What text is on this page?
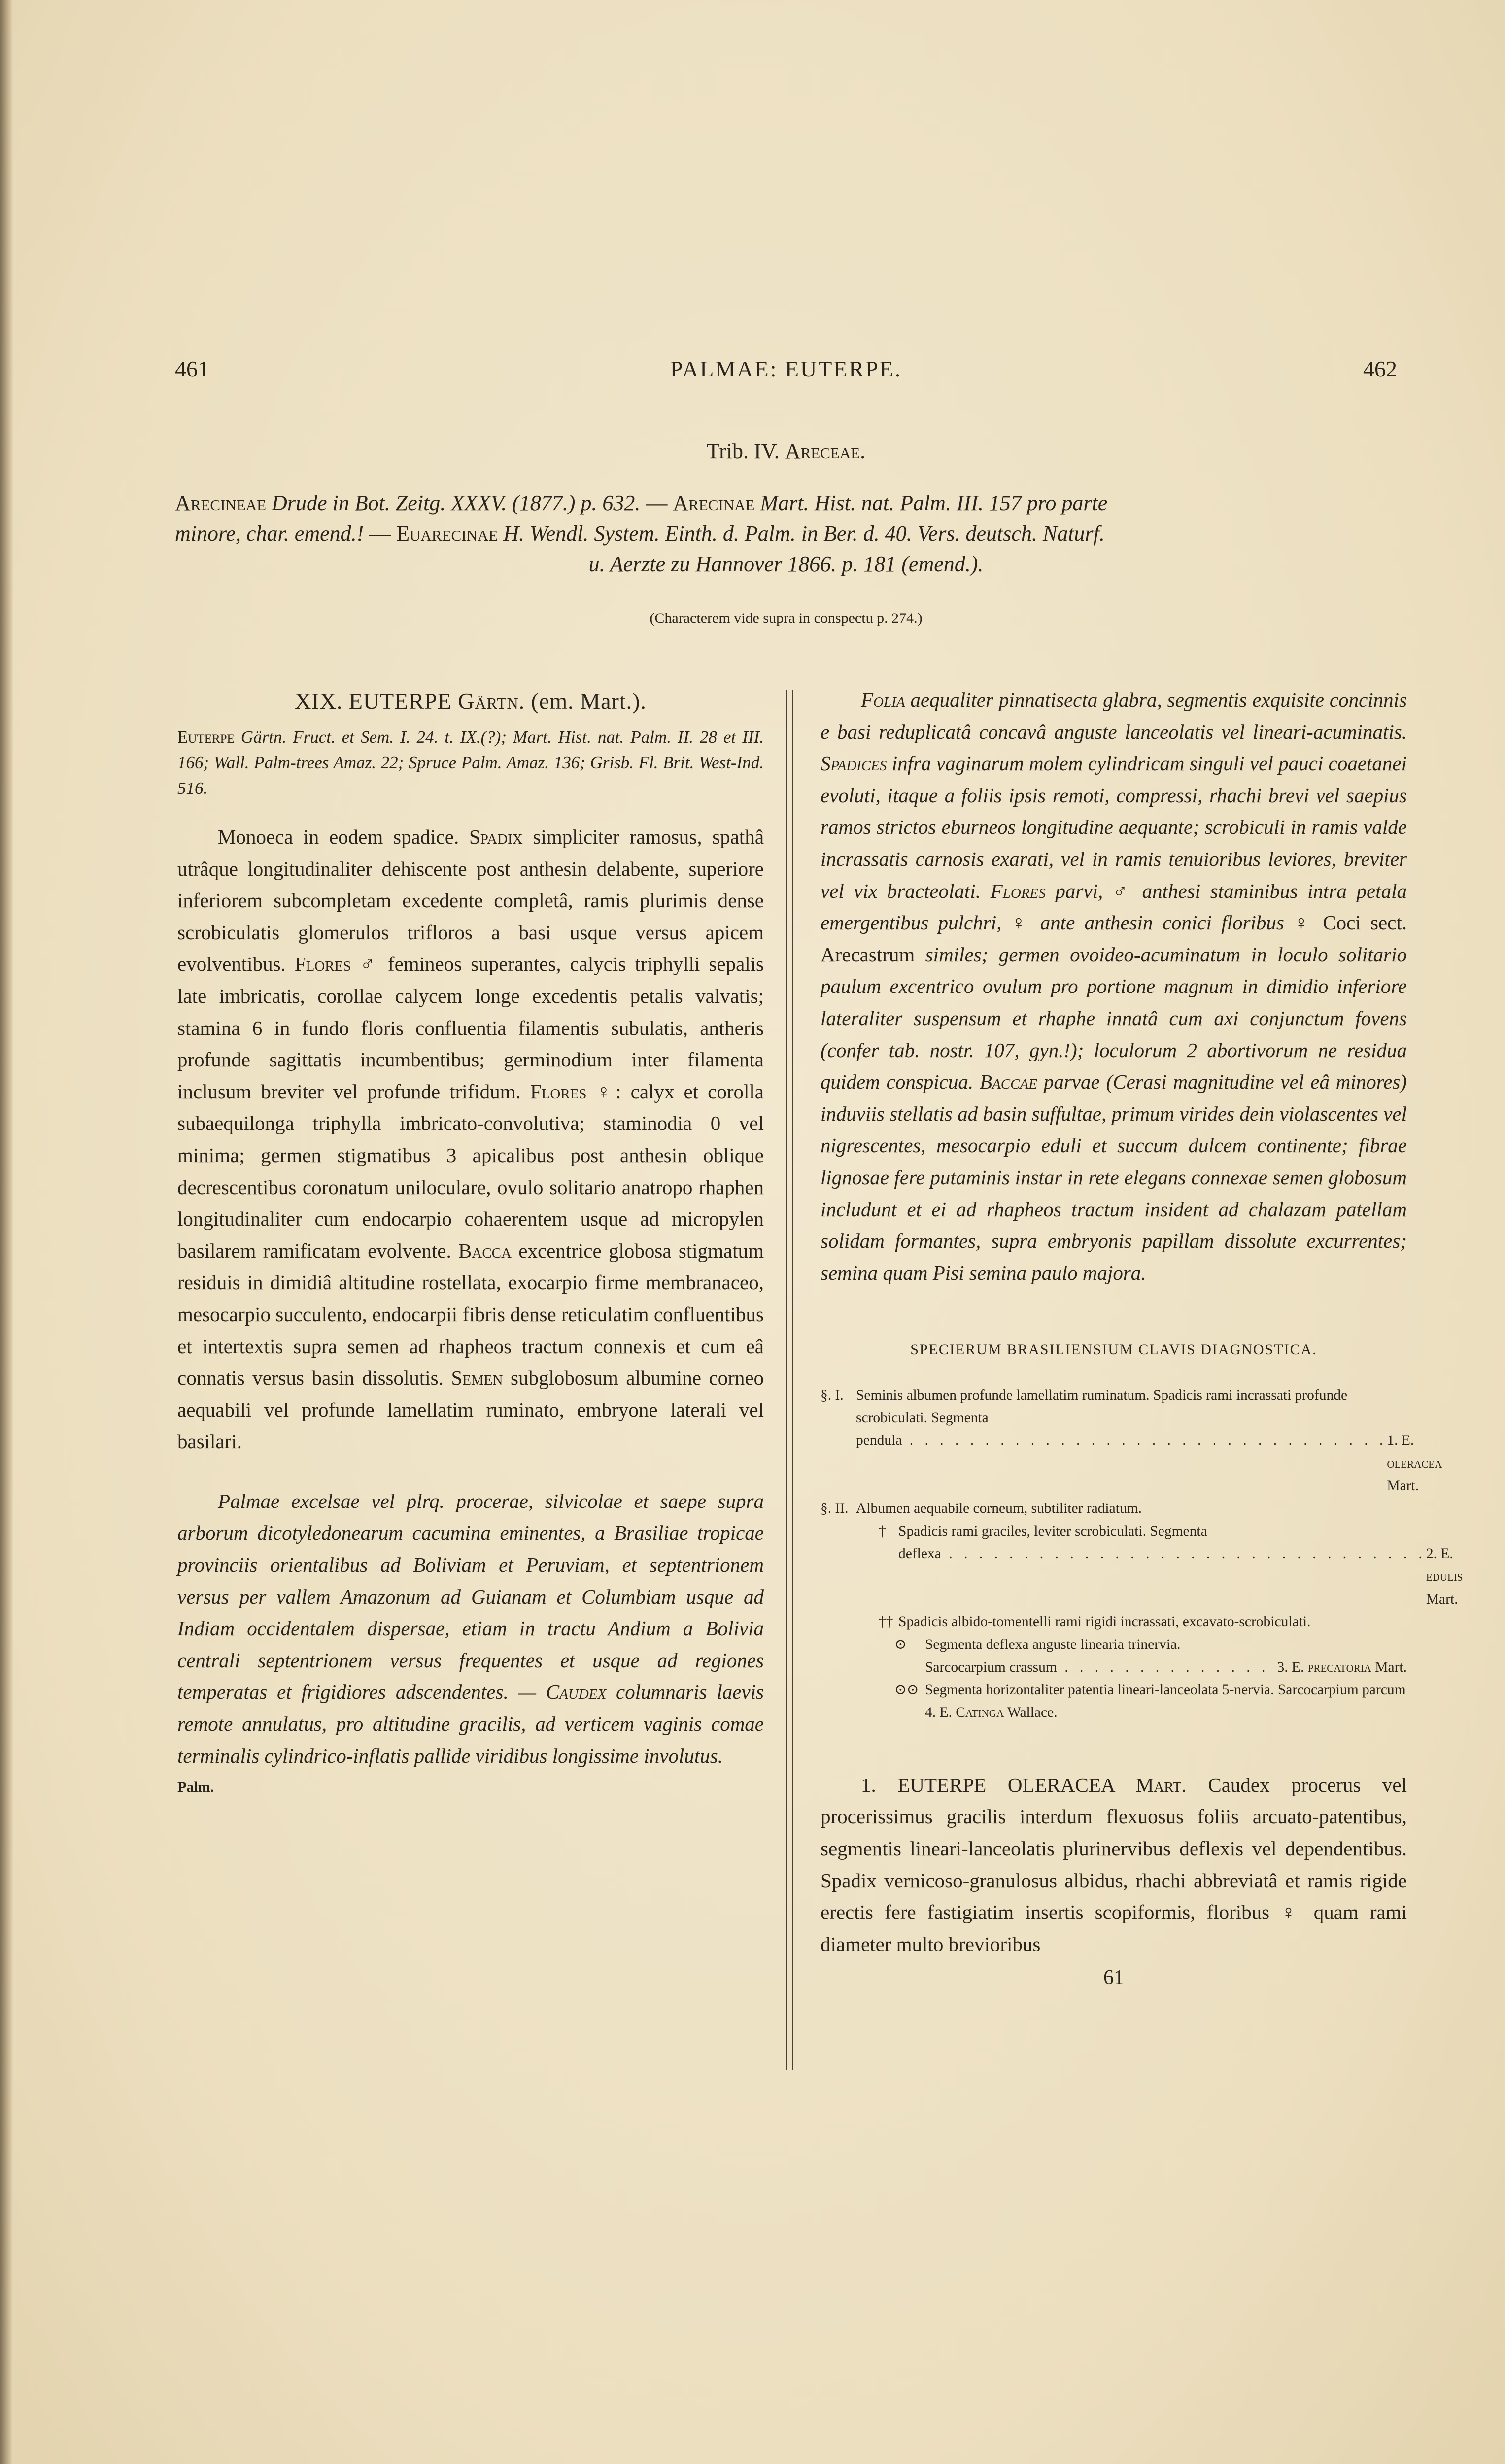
461	PALMAE: EUTERPE.	462
Trib. IV. Areceae.
Arecineae Drude in Bot. Zeitg. XXXV. (1877.) p. 632. — Arecinae Mart. Hist. nat. Palm. III. 157 pro parte
minore, char. emend.! — Euarecinae H. Wendl. System. Einth. d. Palm. in Ber. d. 40. Vers. deutsch. Naturf.
u. Aerzte zu Hannover 1866. p. 181 (emend.).
(Characterem vide supra in conspectu p. 274.)
XIX. EUTERPE Gärtn. (em. Mart.).
Euterpe Gärtn. Fruct. et Sem. I. 24. t. IX.(?); Mart. Hist. nat. Palm. II. 28 et III. 166; Wall. Palm-trees Amaz. 22; Spruce Palm. Amaz. 136; Grisb. Fl. Brit. West-Ind. 516.

Monoeca in eodem spadice. Spadix simpliciter ramosus, spathâ utrâque longitudinaliter dehiscente post anthesin delabente, superiore inferiorem subcompletam excedente completâ, ramis plurimis dense scrobiculatis glomerulos trifloros a basi usque versus apicem evolventibus. Flores ♂ femineos superantes, calycis triphylli sepalis late imbricatis, corollae calycem longe excedentis petalis valvatis; stamina 6 in fundo floris confluentia filamentis subulatis, antheris profunde sagittatis incumbentibus; germinodium inter filamenta inclusum breviter vel profunde trifidum. Flores ♀: calyx et corolla subaequilonga triphylla imbricato-convolutiva; staminodia 0 vel minima; germen stigmatibus 3 apicalibus post anthesin oblique decrescentibus coronatum uniloculare, ovulo solitario anatropo rhaphen longitudinaliter cum endocarpio cohaerentem usque ad micropylen basilarem ramificatam evolvente. Bacca excentrice globosa stigmatum residuis in dimidiâ altitudine rostellata, exocarpio firme membranaceo, mesocarpio succulento, endocarpii fibris dense reticulatim confluentibus et intertextis supra semen ad rhapheos tractum connexis et cum eâ connatis versus basin dissolutis. Semen subglobosum albumine corneo aequabili vel profunde lamellatim ruminato, embryone laterali vel basilari.

Palmae excelsae vel plrq. procerae, silvicolae et saepe supra arborum dicotyledonearum cacumina eminentes, a Brasiliae tropicae provinciis orientalibus ad Boliviam et Peruviam, et septentrionem versus per vallem Amazonum ad Guianam et Columbiam usque ad Indiam occidentalem dispersae, etiam in tractu Andium a Bolivia centrali septentrionem versus frequentes et usque ad regiones temperatas et frigidiores adscendentes. — Caudex columnaris laevis remote annulatus, pro altitudine gracilis, ad verticem vaginis comae terminalis cylindrico-inflatis pallide viridibus longissime involutus.

Palm.

Folia aequaliter pinnatisecta glabra, segmentis exquisite concinnis e basi reduplicatâ concavâ anguste lanceolatis vel lineari-acuminatis. Spadices infra vaginarum molem cylindricam singuli vel pauci coaetanei evoluti, itaque a foliis ipsis remoti, compressi, rhachi brevi vel saepius ramos strictos eburneos longitudine aequante; scrobiculi in ramis valde incrassatis carnosis exarati, vel in ramis tenuioribus leviores, breviter vel vix bracteolati. Flores parvi, ♂ anthesi staminibus intra petala emergentibus pulchri, ♀ ante anthesin conici floribus ♀ Coci sect. Arecastrum similes; germen ovoideo-acuminatum in loculo solitario paulum excentrico ovulum pro portione magnum in dimidio inferiore lateraliter suspensum et rhaphe innatâ cum axi conjunctum fovens (confer tab. nostr. 107, gyn.!); loculorum 2 abortivorum ne residua quidem conspicua. Baccae parvae (Cerasi magnitudine vel eâ minores) induviis stellatis ad basin suffultae, primum virides dein violascentes vel nigrescentes, mesocarpio eduli et succum dulcem continente; fibrae lignosae fere putaminis instar in rete elegans connexae semen globosum includunt et ei ad rhapheos tractum insident ad chalazam patellam solidam formantes, supra embryonis papillam dissolute excurrentes; semina quam Pisi semina paulo majora.

SPECIERUM BRASILIENSIUM CLAVIS DIAGNOSTICA.
§. I. Seminis albumen profunde lamellatim ruminatum. Spadicis rami incrassati profunde scrobiculati. Segmenta
pendula . . . . . . . . . . . . . . . . . . . . . . . . . . . . . . . . 1. E. oleracea Mart.
§. II. Albumen aequabile corneum, subtiliter radiatum.
† Spadicis rami graciles, leviter scrobiculati. Segmenta
deflexa . . . . . . . . . . . . . . . . . . . . . . . . . . . . . . . . 2. E. edulis Mart.
†† Spadicis albido-tomentelli rami rigidi incrassati, excavato-scrobiculati.
⊙	Segmenta deflexa anguste linearia trinervia.
Sarcocarpium crassum . . . . . . . . . . . . . . 3. E. precatoria Mart.
⊙⊙ Segmenta horizontaliter patentia lineari-lanceolata 5-nervia. Sarcocarpium parcum 4. E. Catinga Wallace.

1. EUTERPE OLERACEA Mart. Caudex procerus vel procerissimus gracilis interdum flexuosus foliis arcuato-patentibus, segmentis lineari-lanceolatis plurinervibus deflexis vel dependentibus. Spadix vernicoso-granulosus albidus, rhachi abbreviatâ et ramis rigide erectis fere fastigiatim insertis scopiformis, floribus ♀ quam rami diameter multo brevioribus

61
